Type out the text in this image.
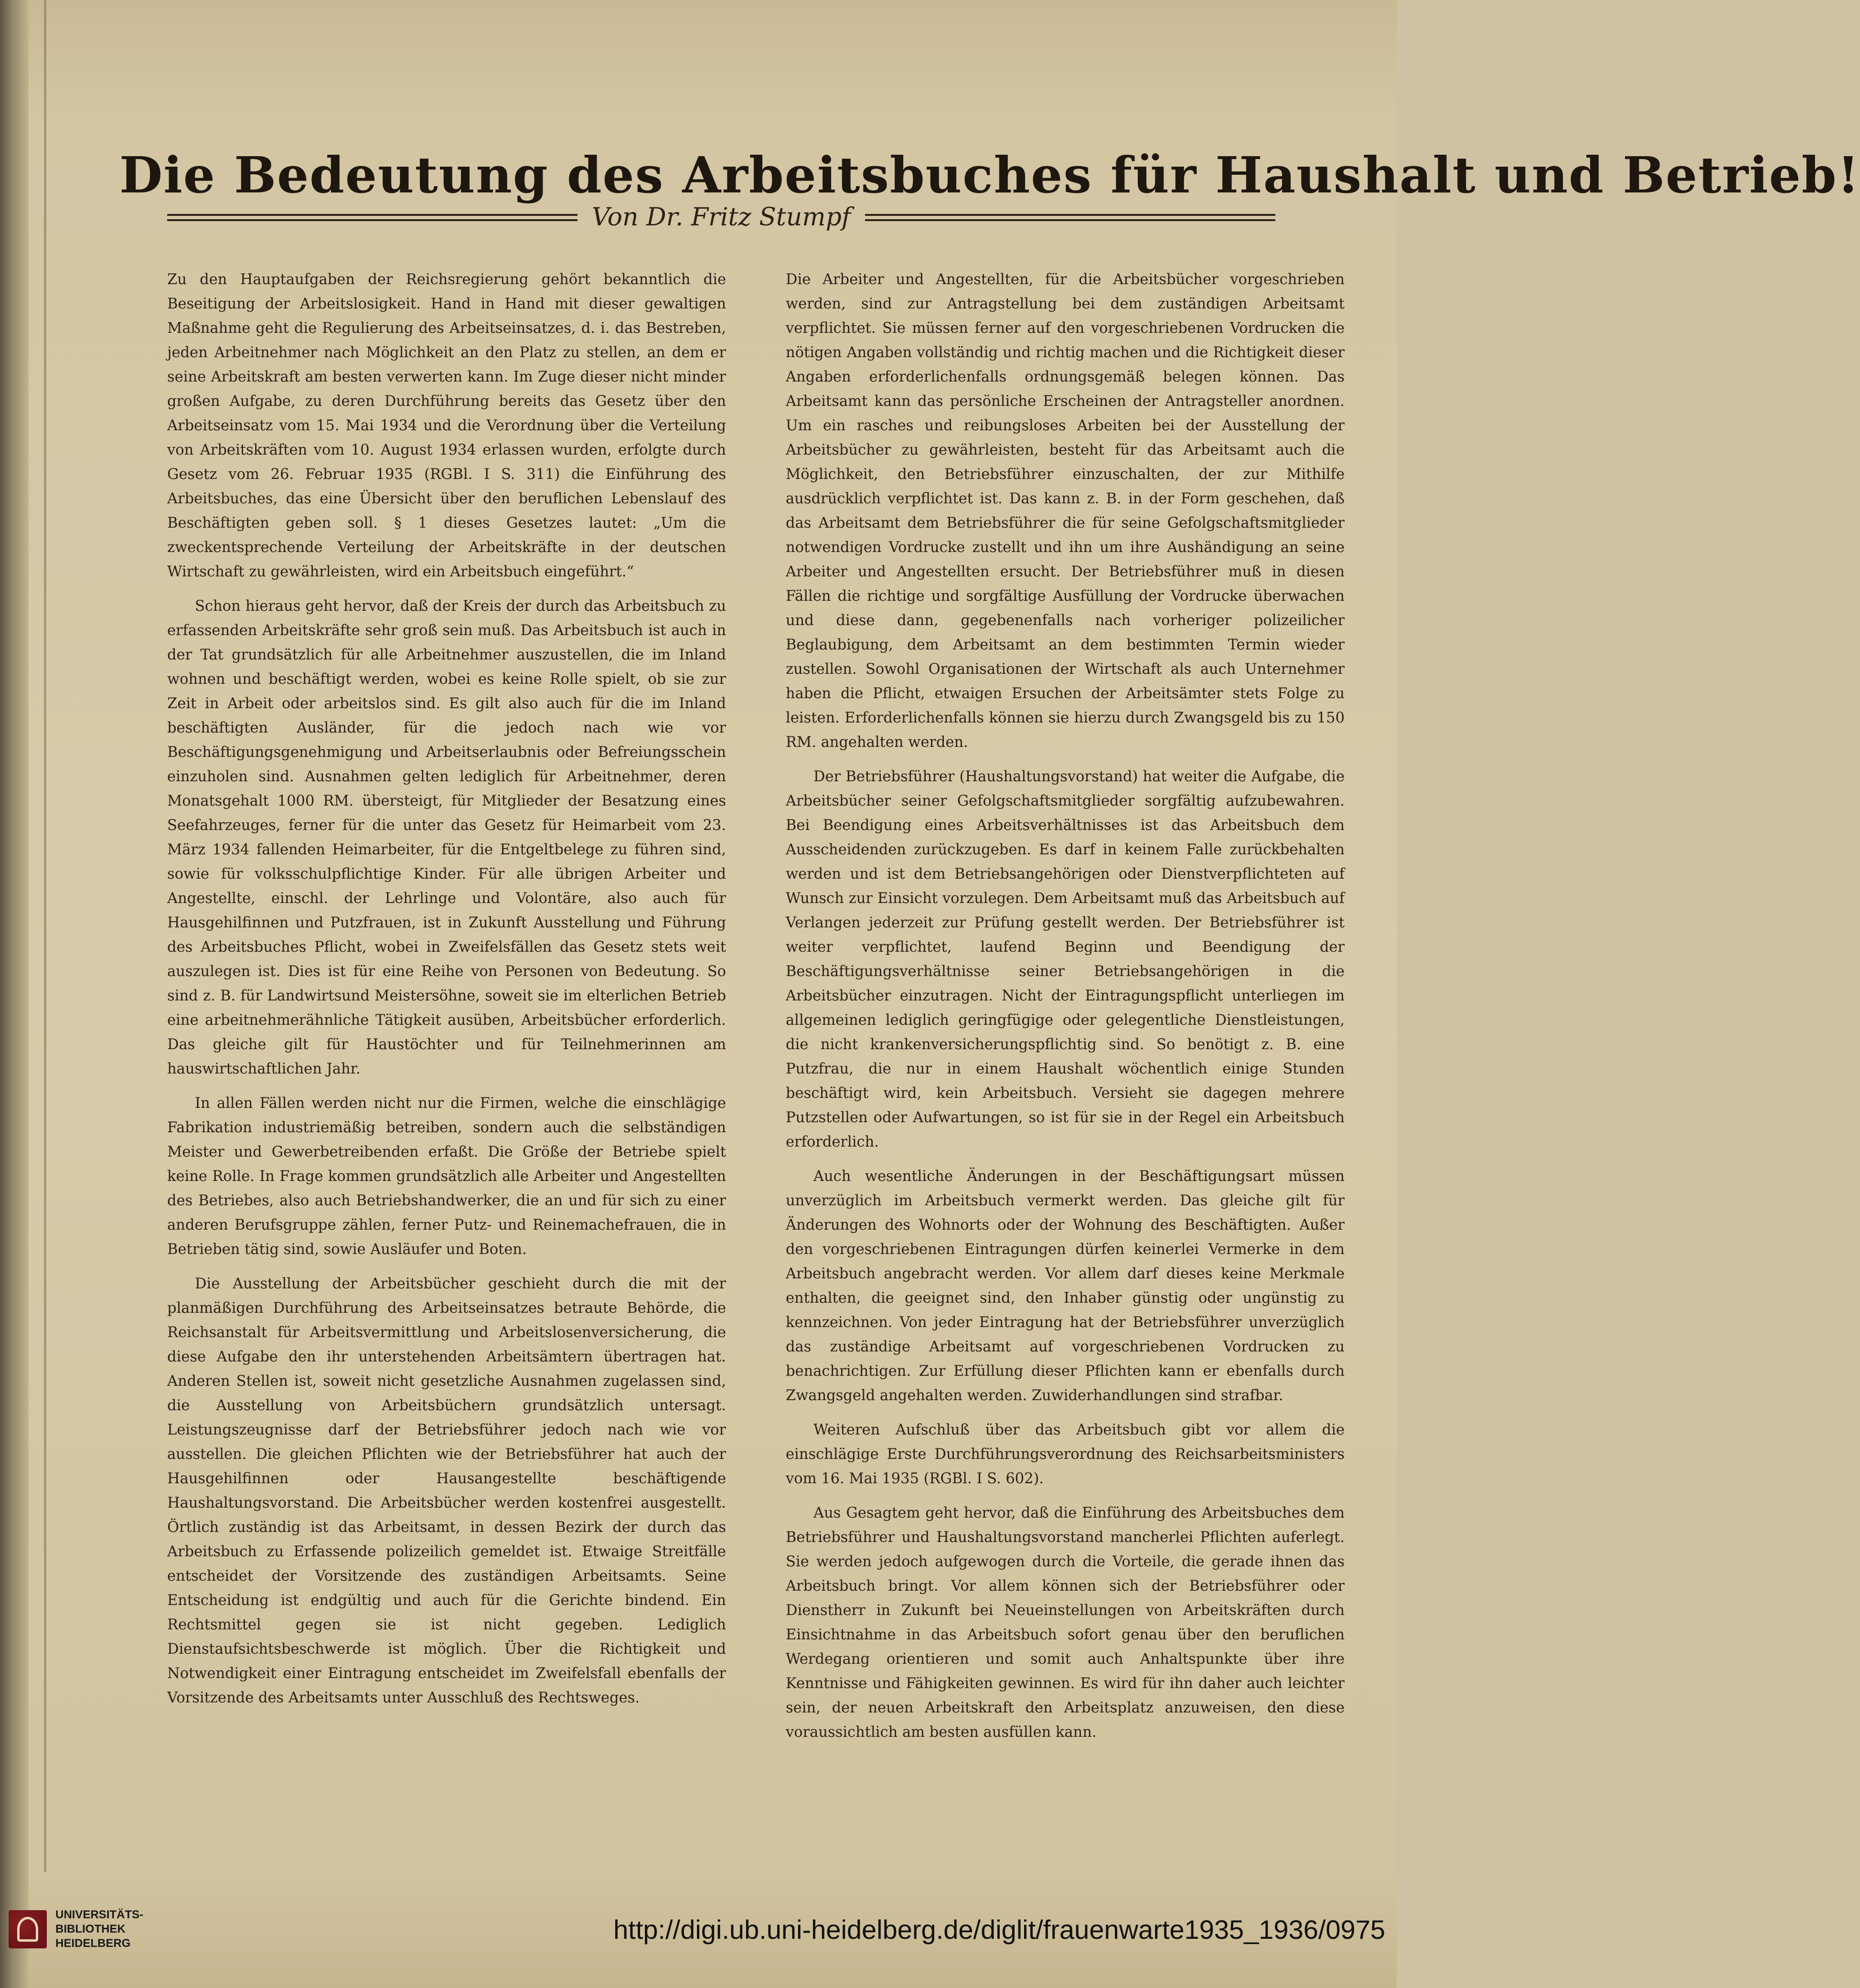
Die Bedeutung des Arbeitsbuches für Haushalt und Betrieb!
Von Dr. Fritz Stumpf

Zu den Hauptaufgaben der Reichsregierung gehört bekanntlich die Beseitigung der Arbeitslosigkeit. Hand in Hand mit dieser gewaltigen Maßnahme geht die Regulierung des Arbeitseinsatzes, d. i. das Bestreben, jeden Arbeitnehmer nach Möglichkeit an den Platz zu stellen, an dem er seine Arbeitskraft am besten verwerten kann. Im Zuge dieser nicht minder großen Aufgabe, zu deren Durchführung bereits das Gesetz über den Arbeitseinsatz vom 15. Mai 1934 und die Verordnung über die Verteilung von Arbeitskräften vom 10. August 1934 erlassen wurden, erfolgte durch Gesetz vom 26. Februar 1935 (RGBl. I S. 311) die Einführung des Arbeitsbuches, das eine Übersicht über den beruflichen Lebenslauf des Beschäftigten geben soll. § 1 dieses Gesetzes lautet: „Um die zweckentsprechende Verteilung der Arbeitskräfte in der deutschen Wirtschaft zu gewährleisten, wird ein Arbeitsbuch eingeführt.“

Schon hieraus geht hervor, daß der Kreis der durch das Arbeitsbuch zu erfassenden Arbeitskräfte sehr groß sein muß. Das Arbeitsbuch ist auch in der Tat grundsätzlich für alle Arbeitnehmer auszustellen, die im Inland wohnen und beschäftigt werden, wobei es keine Rolle spielt, ob sie zur Zeit in Arbeit oder arbeitslos sind. Es gilt also auch für die im Inland beschäftigten Ausländer, für die jedoch nach wie vor Beschäftigungsgenehmigung und Arbeitserlaubnis oder Befreiungsschein einzuholen sind. Ausnahmen gelten lediglich für Arbeitnehmer, deren Monatsgehalt 1000 RM. übersteigt, für Mitglieder der Besatzung eines Seefahrzeuges, ferner für die unter das Gesetz für Heimarbeit vom 23. März 1934 fallenden Heimarbeiter, für die Entgeltbelege zu führen sind, sowie für volksschulpflichtige Kinder. Für alle übrigen Arbeiter und Angestellte, einschl. der Lehrlinge und Volontäre, also auch für Hausgehilfinnen und Putzfrauen, ist in Zukunft Ausstellung und Führung des Arbeitsbuches Pflicht, wobei in Zweifelsfällen das Gesetz stets weit auszulegen ist. Dies ist für eine Reihe von Personen von Bedeutung. So sind z. B. für Landwirtsund Meistersöhne, soweit sie im elterlichen Betrieb eine arbeitnehmerähnliche Tätigkeit ausüben, Arbeitsbücher erforderlich. Das gleiche gilt für Haustöchter und für Teilnehmerinnen am hauswirtschaftlichen Jahr.

In allen Fällen werden nicht nur die Firmen, welche die einschlägige Fabrikation industriemäßig betreiben, sondern auch die selbständigen Meister und Gewerbetreibenden erfaßt. Die Größe der Betriebe spielt keine Rolle. In Frage kommen grundsätzlich alle Arbeiter und Angestellten des Betriebes, also auch Betriebshandwerker, die an und für sich zu einer anderen Berufsgruppe zählen, ferner Putz- und Reinemachefrauen, die in Betrieben tätig sind, sowie Ausläufer und Boten.

Die Ausstellung der Arbeitsbücher geschieht durch die mit der planmäßigen Durchführung des Arbeitseinsatzes betraute Behörde, die Reichsanstalt für Arbeitsvermittlung und Arbeitslosenversicherung, die diese Aufgabe den ihr unterstehenden Arbeitsämtern übertragen hat. Anderen Stellen ist, soweit nicht gesetzliche Ausnahmen zugelassen sind, die Ausstellung von Arbeitsbüchern grundsätzlich untersagt. Leistungszeugnisse darf der Betriebsführer jedoch nach wie vor ausstellen. Die gleichen Pflichten wie der Betriebsführer hat auch der Hausgehilfinnen oder Hausangestellte beschäftigende Haushaltungsvorstand. Die Arbeitsbücher werden kostenfrei ausgestellt. Örtlich zuständig ist das Arbeitsamt, in dessen Bezirk der durch das Arbeitsbuch zu Erfassende polizeilich gemeldet ist. Etwaige Streitfälle entscheidet der Vorsitzende des zuständigen Arbeitsamts. Seine Entscheidung ist endgültig und auch für die Gerichte bindend. Ein Rechtsmittel gegen sie ist nicht gegeben. Lediglich Dienstaufsichtsbeschwerde ist möglich. Über die Richtigkeit und Notwendigkeit einer Eintragung entscheidet im Zweifelsfall ebenfalls der Vorsitzende des Arbeitsamts unter Ausschluß des Rechtsweges.

Die Arbeiter und Angestellten, für die Arbeitsbücher vorgeschrieben werden, sind zur Antragstellung bei dem zuständigen Arbeitsamt verpflichtet. Sie müssen ferner auf den vorgeschriebenen Vordrucken die nötigen Angaben vollständig und richtig machen und die Richtigkeit dieser Angaben erforderlichenfalls ordnungsgemäß belegen können. Das Arbeitsamt kann das persönliche Erscheinen der Antragsteller anordnen. Um ein rasches und reibungsloses Arbeiten bei der Ausstellung der Arbeitsbücher zu gewährleisten, besteht für das Arbeitsamt auch die Möglichkeit, den Betriebsführer einzuschalten, der zur Mithilfe ausdrücklich verpflichtet ist. Das kann z. B. in der Form geschehen, daß das Arbeitsamt dem Betriebsführer die für seine Gefolgschaftsmitglieder notwendigen Vordrucke zustellt und ihn um ihre Aushändigung an seine Arbeiter und Angestellten ersucht. Der Betriebsführer muß in diesen Fällen die richtige und sorgfältige Ausfüllung der Vordrucke überwachen und diese dann, gegebenenfalls nach vorheriger polizeilicher Beglaubigung, dem Arbeitsamt an dem bestimmten Termin wieder zustellen. Sowohl Organisationen der Wirtschaft als auch Unternehmer haben die Pflicht, etwaigen Ersuchen der Arbeitsämter stets Folge zu leisten. Erforderlichenfalls können sie hierzu durch Zwangsgeld bis zu 150 RM. angehalten werden.

Der Betriebsführer (Haushaltungsvorstand) hat weiter die Aufgabe, die Arbeitsbücher seiner Gefolgschaftsmitglieder sorgfältig aufzubewahren. Bei Beendigung eines Arbeitsverhältnisses ist das Arbeitsbuch dem Ausscheidenden zurückzugeben. Es darf in keinem Falle zurückbehalten werden und ist dem Betriebsangehörigen oder Dienstverpflichteten auf Wunsch zur Einsicht vorzulegen. Dem Arbeitsamt muß das Arbeitsbuch auf Verlangen jederzeit zur Prüfung gestellt werden. Der Betriebsführer ist weiter verpflichtet, laufend Beginn und Beendigung der Beschäftigungsverhältnisse seiner Betriebsangehörigen in die Arbeitsbücher einzutragen. Nicht der Eintragungspflicht unterliegen im allgemeinen lediglich geringfügige oder gelegentliche Dienstleistungen, die nicht krankenversicherungspflichtig sind. So benötigt z. B. eine Putzfrau, die nur in einem Haushalt wöchentlich einige Stunden beschäftigt wird, kein Arbeitsbuch. Versieht sie dagegen mehrere Putzstellen oder Aufwartungen, so ist für sie in der Regel ein Arbeitsbuch erforderlich.

Auch wesentliche Änderungen in der Beschäftigungsart müssen unverzüglich im Arbeitsbuch vermerkt werden. Das gleiche gilt für Änderungen des Wohnorts oder der Wohnung des Beschäftigten. Außer den vorgeschriebenen Eintragungen dürfen keinerlei Vermerke in dem Arbeitsbuch angebracht werden. Vor allem darf dieses keine Merkmale enthalten, die geeignet sind, den Inhaber günstig oder ungünstig zu kennzeichnen. Von jeder Eintragung hat der Betriebsführer unverzüglich das zuständige Arbeitsamt auf vorgeschriebenen Vordrucken zu benachrichtigen. Zur Erfüllung dieser Pflichten kann er ebenfalls durch Zwangsgeld angehalten werden. Zuwiderhandlungen sind strafbar.

Weiteren Aufschluß über das Arbeitsbuch gibt vor allem die einschlägige Erste Durchführungsverordnung des Reichsarbeitsministers vom 16. Mai 1935 (RGBl. I S. 602).

Aus Gesagtem geht hervor, daß die Einführung des Arbeitsbuches dem Betriebsführer und Haushaltungsvorstand mancherlei Pflichten auferlegt. Sie werden jedoch aufgewogen durch die Vorteile, die gerade ihnen das Arbeitsbuch bringt. Vor allem können sich der Betriebsführer oder Dienstherr in Zukunft bei Neueinstellungen von Arbeitskräften durch Einsichtnahme in das Arbeitsbuch sofort genau über den beruflichen Werdegang orientieren und somit auch Anhaltspunkte über ihre Kenntnisse und Fähigkeiten gewinnen. Es wird für ihn daher auch leichter sein, der neuen Arbeitskraft den Arbeitsplatz anzuweisen, den diese voraussichtlich am besten ausfüllen kann.

UNIVERSITÄTS-
BIBLIOTHEK
HEIDELBERG	http://digi.ub.uni-heidelberg.de/diglit/frauenwarte1935_1936/0975
